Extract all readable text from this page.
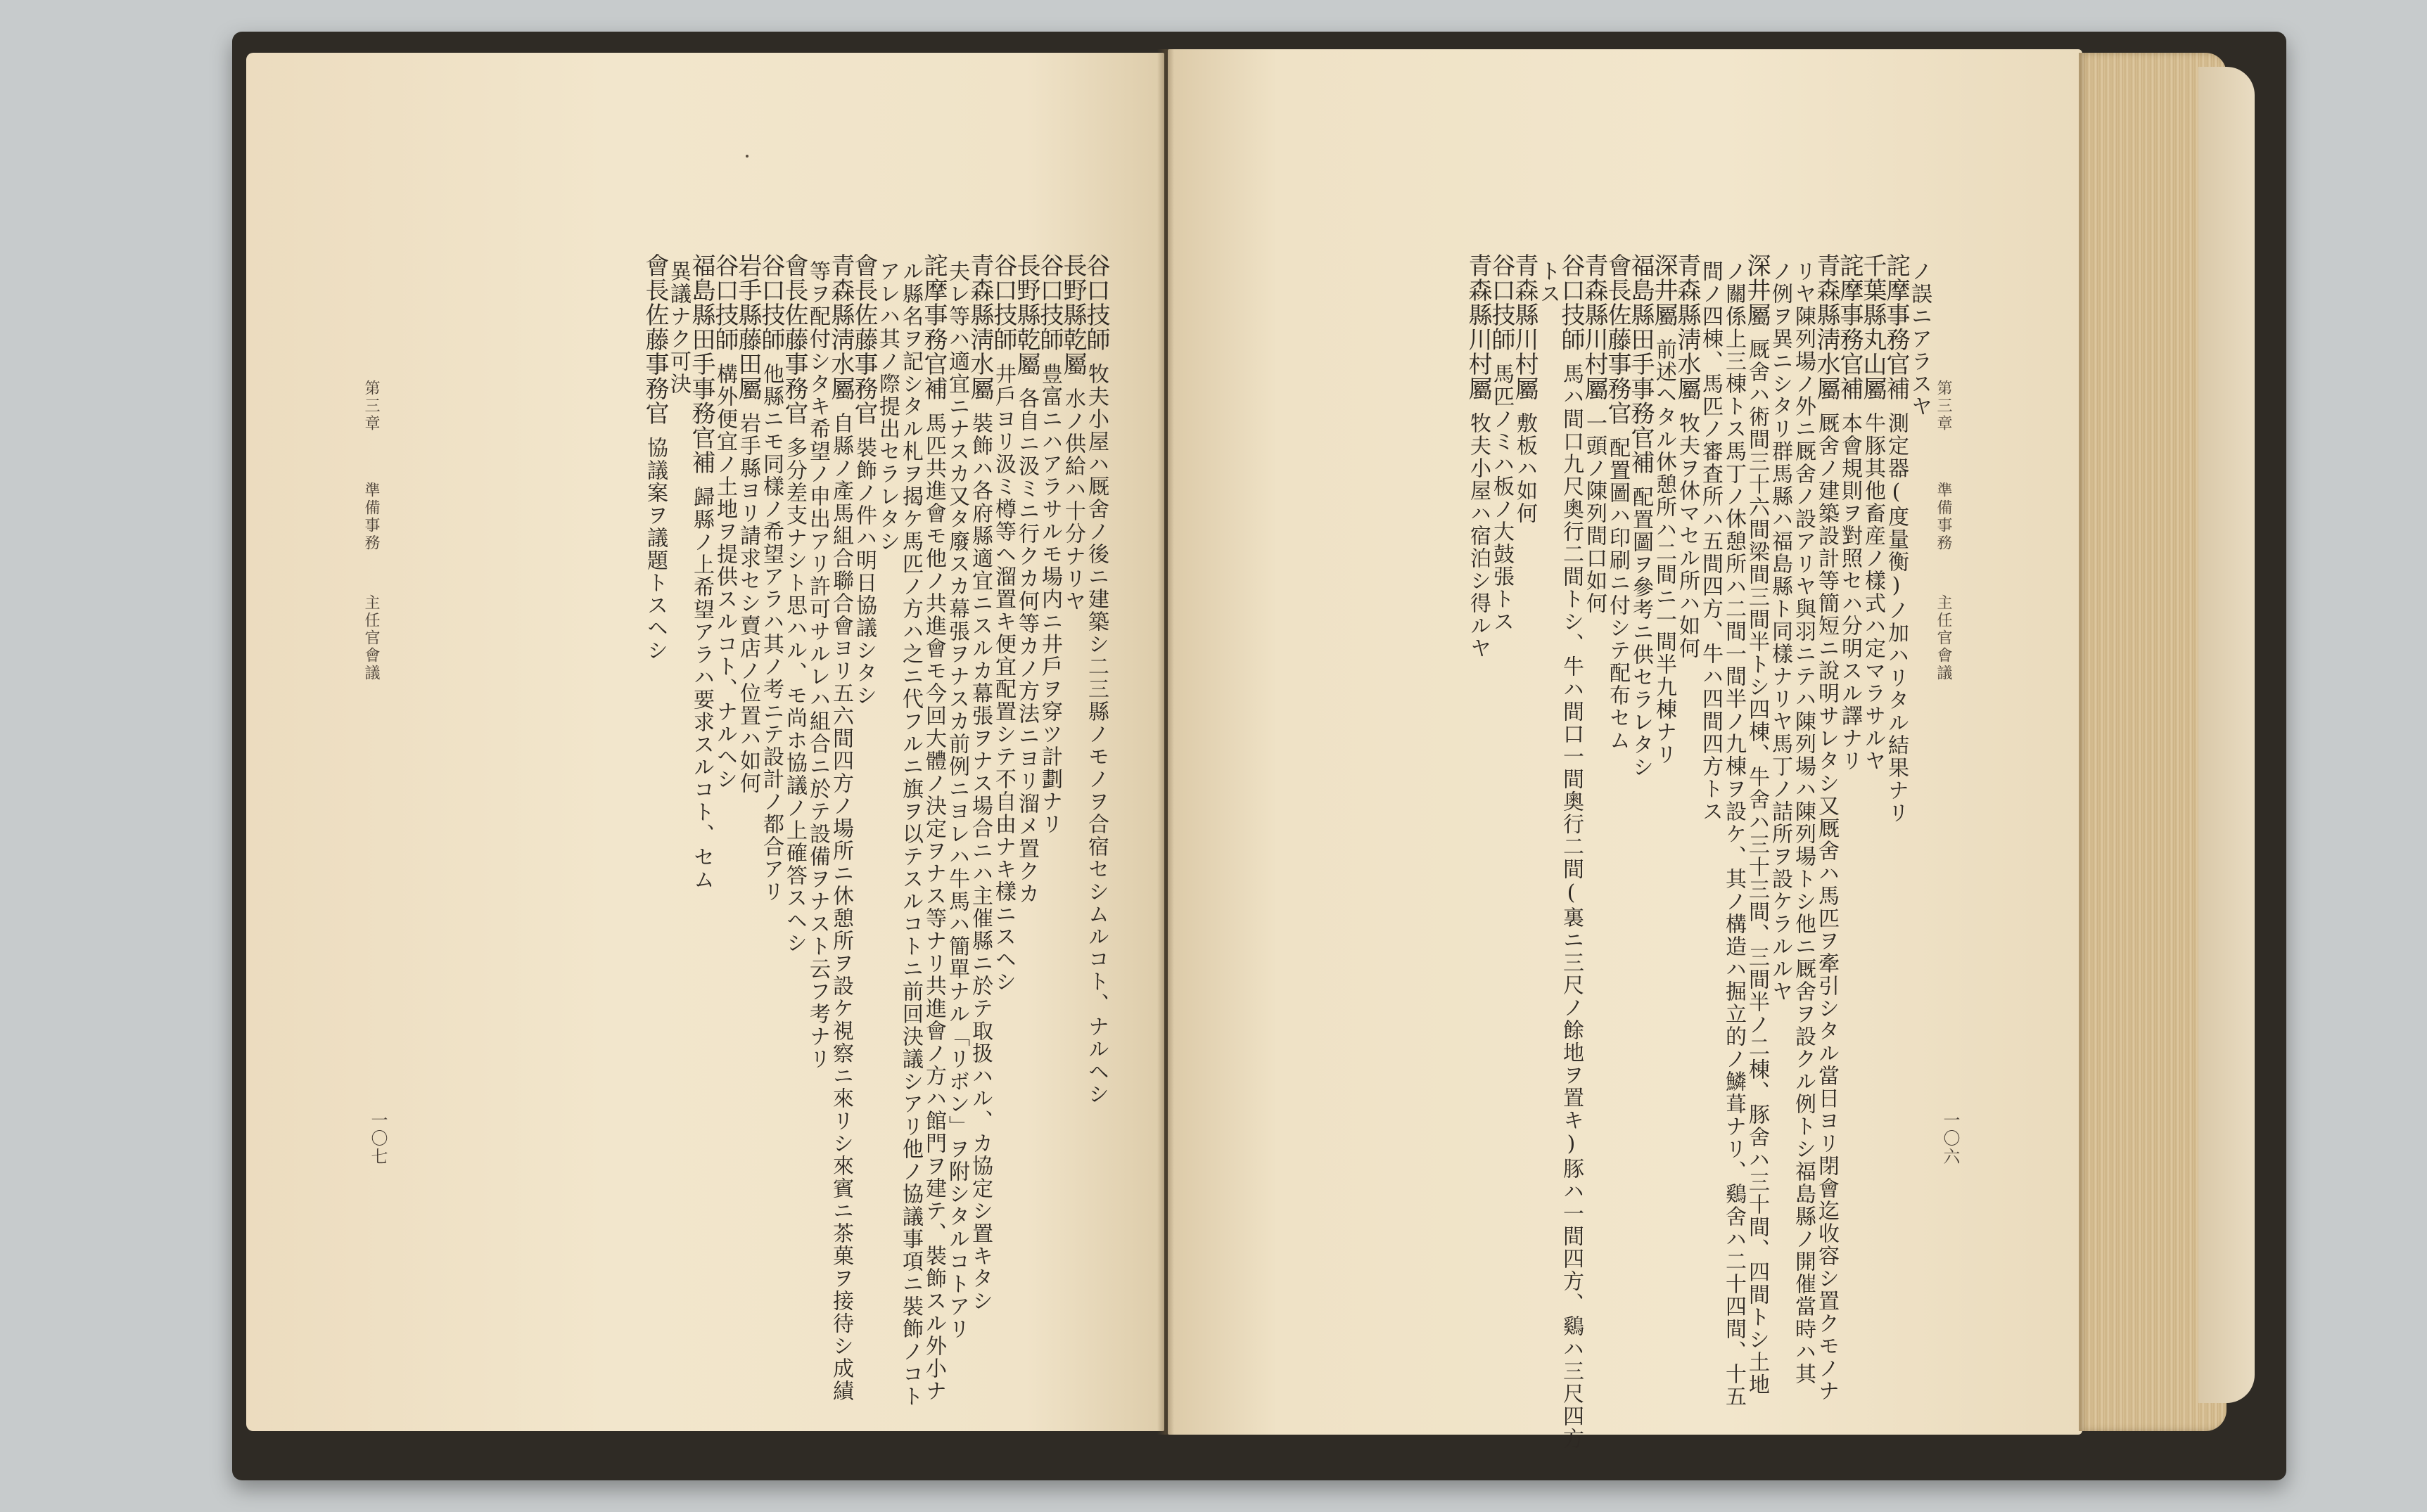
第三章準備事務主任官會議
一〇六
ノ誤ニアラスヤ
詫摩事務官補測定器(度量衡)ノ加ハリタル結果ナリ
千葉縣丸山屬牛豚其他畜産ノ樣式ハ定マラサルヤ
詫摩事務官補本會規則ヲ對照セハ分明スル譯ナリ
青森縣淸水屬厩舍ノ建築設計等簡短ニ說明サレタシ又厩舍ハ馬匹ヲ牽引シタル當日ヨリ閉會迄收容シ置クモノナ
リヤ陳列場ノ外ニ厩舍ノ設アリヤ與羽ニテハ陳列場ハ陳列場トシ他ニ厩舍ヲ設クル例トシ福島縣ノ開催當時ハ其
ノ例ヲ異ニシタリ群馬縣ハ福島縣ト同樣ナリヤ馬丁ノ詰所ヲ設ケラルルヤ
深井屬厩舍ハ術間三十六間梁間三間半トシ四棟、牛舍ハ三十三間、三間半ノ二棟、豚舍ハ三十間、四間トシ土地
ノ關係上三棟トス馬丁ノ休憩所ハ二間一間半ノ九棟ヲ設ケ、其ノ構造ハ掘立的ノ鱗葺ナリ、鷄舍ハ二十四間、十五
間ノ四棟、馬匹ノ審査所ハ五間四方、牛ハ四間四方トス
青森縣淸水屬牧夫ヲ休マセル所ハ如何
深井屬前述ヘタル休憩所ハ二間ニ一間半九棟ナリ
福島縣田手事務官補配置圖ヲ參考ニ供セラレタシ
會長佐藤事務官配置圖ハ印刷ニ付シテ配布セム
青森縣川村屬一頭ノ陳列間口如何
谷口技師馬ハ間口九尺奧行二間トシ、牛ハ間口一間奧行二間(裏ニ三尺ノ餘地ヲ置キ)豚ハ一間四方、鷄ハ三尺四方
トス
青森縣川村屬敷板ハ如何
谷口技師馬匹ノミハ板ノ大鼓張トス
青森縣川村屬牧夫小屋ハ宿泊シ得ルヤ
第三章準備事務主任官會議
一〇七
谷口技師牧夫小屋ハ厩舍ノ後ニ建築シ二三縣ノモノヲ合宿セシムルコト、ナルヘシ
長野縣乾屬水ノ供給ハ十分ナリヤ
谷口技師豊富ニハアラサルモ場内ニ井戶ヲ穿ツ計劃ナリ
長野縣乾屬各自ニ汲ミニ行クカ何等カノ方法ニヨリ溜メ置クカ
谷口技師井戶ヨリ汲ミ樽等ヘ溜置キ便宜配置シテ不自由ナキ樣ニスヘシ
青森縣淸水屬裝飾ハ各府縣適宜ニスルカ幕張ヲナス場合ニハ主催縣ニ於テ取扱ハル、カ協定シ置キタシ
夫レ等ハ適宜ニナスカ又タ廢スカ幕張ヲナスカ前例ニヨレハ牛馬ハ簡單ナル「リボン」ヲ附シタルコトアリ
詫摩事務官補馬匹共進會モ他ノ共進會モ今回大體ノ決定ヲナス等ナリ共進會ノ方ハ館門ヲ建テ、裝飾スル外小ナ
ル縣名ヲ記シタル札ヲ揭ケ馬匹ノ方ハ之ニ代フルニ旗ヲ以テスルコトニ前回決議シアリ他ノ協議事項ニ裝飾ノコト
アレハ其ノ際提出セラレタシ
會長佐藤事務官裝飾ノ件ハ明日協議シタシ
青森縣淸水屬自縣ノ產馬組合聯合會ヨリ五六間四方ノ場所ニ休憩所ヲ設ケ視察ニ來リシ來賓ニ茶菓ヲ接待シ成績
等ヲ配付シタキ希望ノ申出アリ許可サルレハ組合ニ於テ設備ヲナスト云フ考ナリ
會長佐藤事務官多分差支ナシト思ハル、モ尚ホ協議ノ上確答スヘシ
谷口技師他縣ニモ同樣ノ希望アラハ其ノ考ニテ設計ノ都合アリ
岩手縣藤田屬岩手縣ヨリ請求セシ賣店ノ位置ハ如何
谷口技師構外便宜ノ土地ヲ提供スルコト、ナルヘシ
福島縣田手事務官補歸縣ノ上希望アラハ要求スルコト、セム
異議ナク可決
會長佐藤事務官協議案ヲ議題トスヘシ
